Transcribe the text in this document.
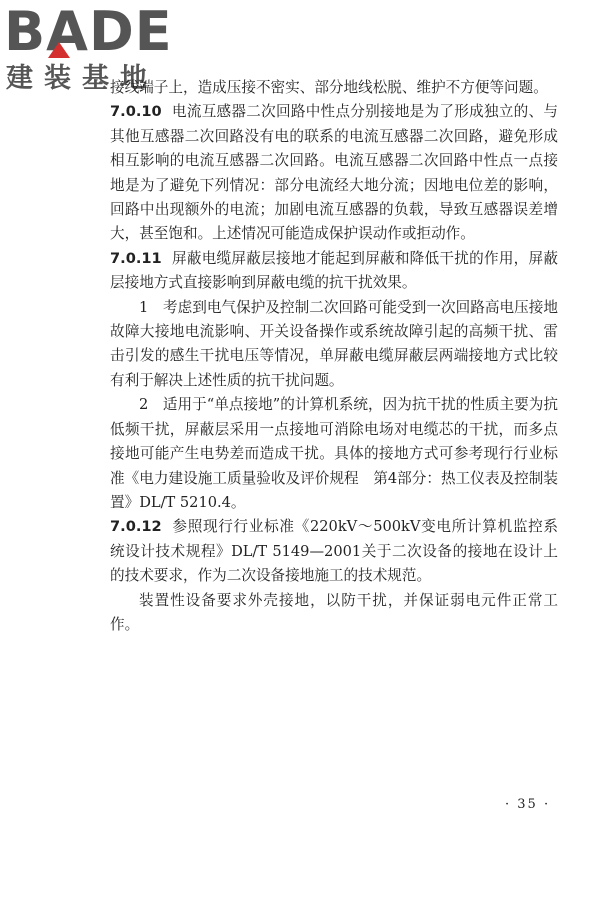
BADE
建装基地

接线端子上，造成压接不密实、部分地线松脱、维护不方便等问题。

7.0.10 电流互感器二次回路中性点分别接地是为了形成独立的、与其他互感器二次回路没有电的联系的电流互感器二次回路，避免形成相互影响的电流互感器二次回路。电流互感器二次回路中性点一点接地是为了避免下列情况：部分电流经大地分流；因地电位差的影响，回路中出现额外的电流；加剧电流互感器的负载，导致互感器误差增大，甚至饱和。上述情况可能造成保护误动作或拒动作。

7.0.11 屏蔽电缆屏蔽层接地才能起到屏蔽和降低干扰的作用，屏蔽层接地方式直接影响到屏蔽电缆的抗干扰效果。

1　考虑到电气保护及控制二次回路可能受到一次回路高电压接地故障大接地电流影响、开关设备操作或系统故障引起的高频干扰、雷击引发的感生干扰电压等情况，单屏蔽电缆屏蔽层两端接地方式比较有利于解决上述性质的抗干扰问题。

2　适用于“单点接地”的计算机系统，因为抗干扰的性质主要为抗低频干扰，屏蔽层采用一点接地可消除电场对电缆芯的干扰，而多点接地可能产生电势差而造成干扰。具体的接地方式可参考现行行业标准《电力建设施工质量验收及评价规程　第4部分：热工仪表及控制装置》DL/T 5210.4。

7.0.12 参照现行行业标准《220kV～500kV变电所计算机监控系统设计技术规程》DL/T 5149—2001关于二次设备的接地在设计上的技术要求，作为二次设备接地施工的技术规范。

装置性设备要求外壳接地，以防干扰，并保证弱电元件正常工作。

· 35 ·
